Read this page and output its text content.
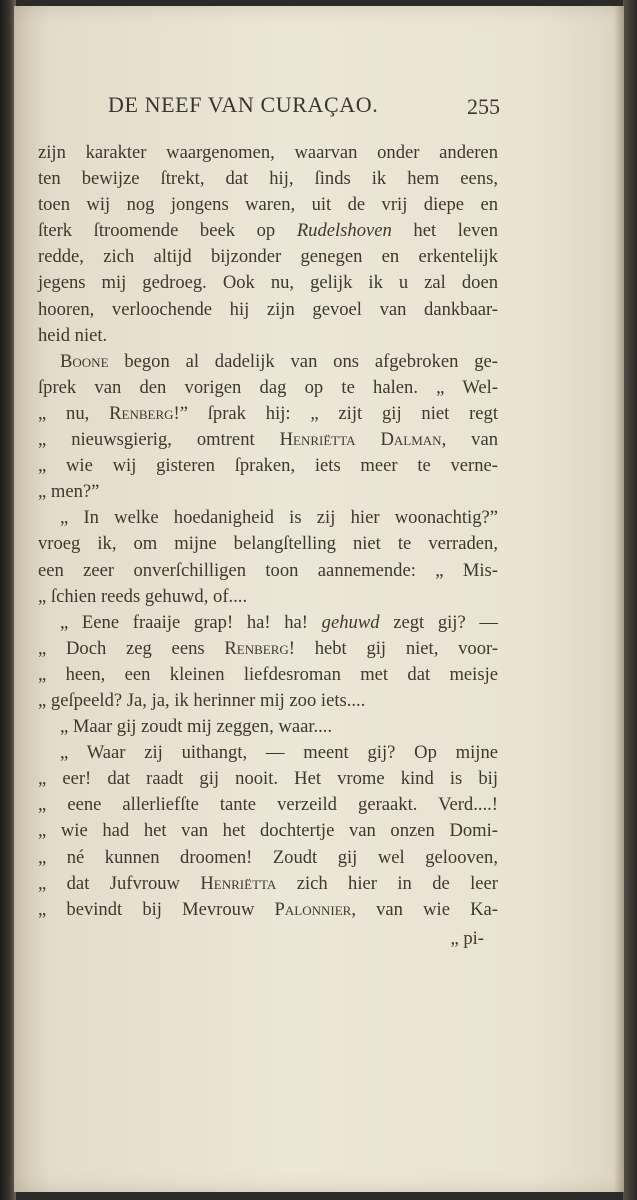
DE NEEF VAN CURAÇAO.	255
zijn karakter waargenomen, waarvan onder anderen
ten bewijze ſtrekt, dat hij, ſinds ik hem eens,
toen wij nog jongens waren, uit de vrij diepe en
ſterk ſtroomende beek op Rudelshoven het leven
redde, zich altijd bijzonder genegen en erkentelijk
jegens mij gedroeg. Ook nu, gelijk ik u zal doen
hooren, verloochende hij zijn gevoel van dankbaar-
heid niet.
Boone begon al dadelijk van ons afgebroken ge-
ſprek van den vorigen dag op te halen. „ Wel-
„ nu, Renberg!” ſprak hij: „ zijt gij niet regt
„ nieuwsgierig, omtrent Henriëtta Dalman, van
„ wie wij gisteren ſpraken, iets meer te verne-
„ men?”
„ In welke hoedanigheid is zij hier woonachtig?”
vroeg ik, om mijne belangſtelling niet te verraden,
een zeer onverſchilligen toon aannemende: „ Mis-
„ ſchien reeds gehuwd, of....
„ Eene fraaije grap! ha! ha! gehuwd zegt gij? —
„ Doch zeg eens Renberg! hebt gij niet, voor-
„ heen, een kleinen liefdesroman met dat meisje
„ geſpeeld? Ja, ja, ik herinner mij zoo iets....
„ Maar gij zoudt mij zeggen, waar....
„ Waar zij uithangt, — meent gij? Op mijne
„ eer! dat raadt gij nooit. Het vrome kind is bij
„ eene allerliefſte tante verzeild geraakt. Verd....!
„ wie had het van het dochtertje van onzen Domi-
„ né kunnen droomen! Zoudt gij wel gelooven,
„ dat Jufvrouw Henriëtta zich hier in de leer
„ bevindt bij Mevrouw Palonnier, van wie Ka-
„ pi-
